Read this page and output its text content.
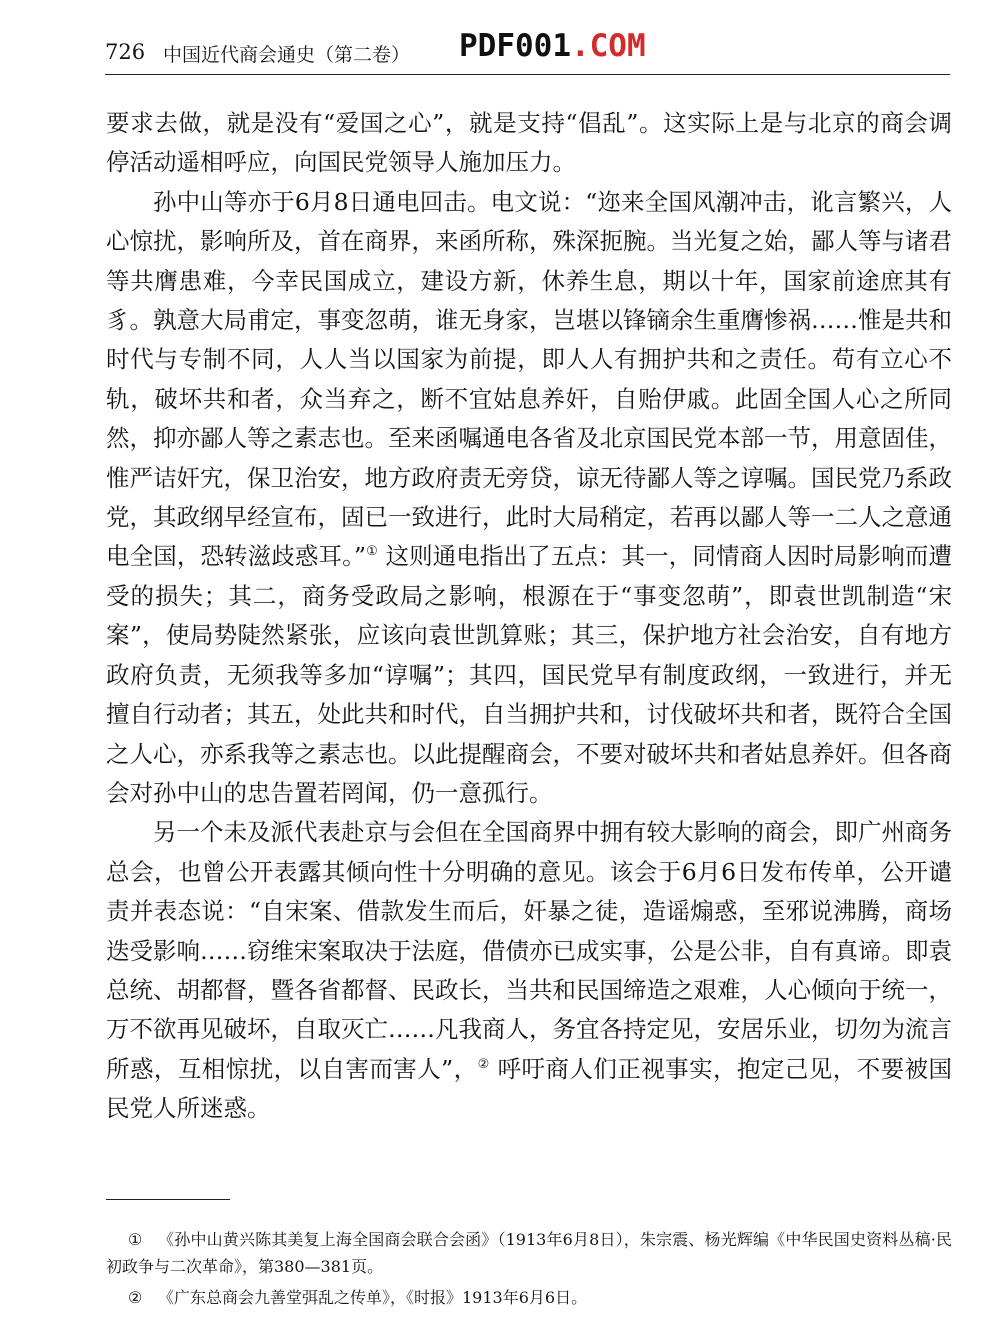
726 中国近代商会通史（第二卷） PDF001.COM

要求去做，就是没有“爱国之心”，就是支持“倡乱”。这实际上是与北京的商会调停活动遥相呼应，向国民党领导人施加压力。

孙中山等亦于6月8日通电回击。电文说：“迩来全国风潮冲击，讹言繁兴，人心惊扰，影响所及，首在商界，来函所称，殊深扼腕。当光复之始，鄙人等与诸君等共膺患难，今幸民国成立，建设方新，休养生息，期以十年，国家前途庶其有豸。孰意大局甫定，事变忽萌，谁无身家，岂堪以锋镝余生重膺惨祸……惟是共和时代与专制不同，人人当以国家为前提，即人人有拥护共和之责任。苟有立心不轨，破坏共和者，众当弃之，断不宜姑息养奸，自贻伊戚。此固全国人心之所同然，抑亦鄙人等之素志也。至来函嘱通电各省及北京国民党本部一节，用意固佳，惟严诘奸宄，保卫治安，地方政府责无旁贷，谅无待鄙人等之谆嘱。国民党乃系政党，其政纲早经宣布，固已一致进行，此时大局稍定，若再以鄙人等一二人之意通电全国，恐转滋歧惑耳。”① 这则通电指出了五点：其一，同情商人因时局影响而遭受的损失；其二，商务受政局之影响，根源在于“事变忽萌”，即袁世凯制造“宋案”，使局势陡然紧张，应该向袁世凯算账；其三，保护地方社会治安，自有地方政府负责，无须我等多加“谆嘱”；其四，国民党早有制度政纲，一致进行，并无擅自行动者；其五，处此共和时代，自当拥护共和，讨伐破坏共和者，既符合全国之人心，亦系我等之素志也。以此提醒商会，不要对破坏共和者姑息养奸。但各商会对孙中山的忠告置若罔闻，仍一意孤行。

另一个未及派代表赴京与会但在全国商界中拥有较大影响的商会，即广州商务总会，也曾公开表露其倾向性十分明确的意见。该会于6月6日发布传单，公开谴责并表态说：“自宋案、借款发生而后，奸暴之徒，造谣煽惑，至邪说沸腾，商场迭受影响……窃维宋案取决于法庭，借债亦已成实事，公是公非，自有真谛。即袁总统、胡都督，暨各省都督、民政长，当共和民国缔造之艰难，人心倾向于统一，万不欲再见破坏，自取灭亡……凡我商人，务宜各持定见，安居乐业，切勿为流言所惑，互相惊扰，以自害而害人”，② 呼吁商人们正视事实，抱定己见，不要被国民党人所迷惑。

① 《孙中山黄兴陈其美复上海全国商会联合会函》（1913年6月8日），朱宗震、杨光辉编《中华民国史资料丛稿·民初政争与二次革命》，第380—381页。

② 《广东总商会九善堂弭乱之传单》，《时报》1913年6月6日。
